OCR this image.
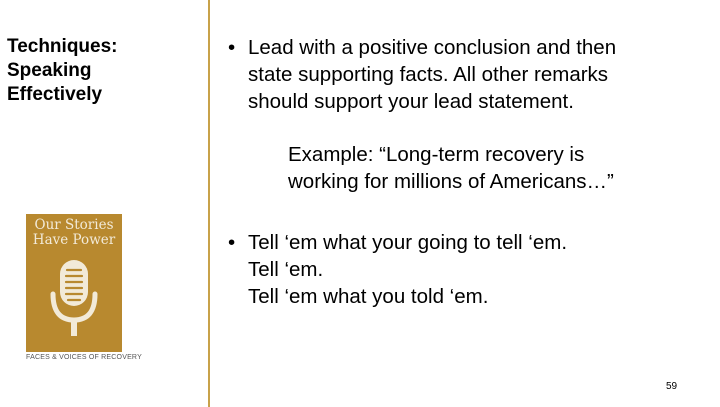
Techniques:
Speaking
Effectively
• Lead with a positive conclusion and then
state supporting facts. All other remarks
should support your lead statement.
Example: “Long-term recovery is
working for millions of Americans…”
• Tell ‘em what your going to tell ‘em.
Tell ‘em.
Tell ‘em what you told ‘em.
Our Stories
Have Power
FACES & VOICES OF RECOVERY
59
